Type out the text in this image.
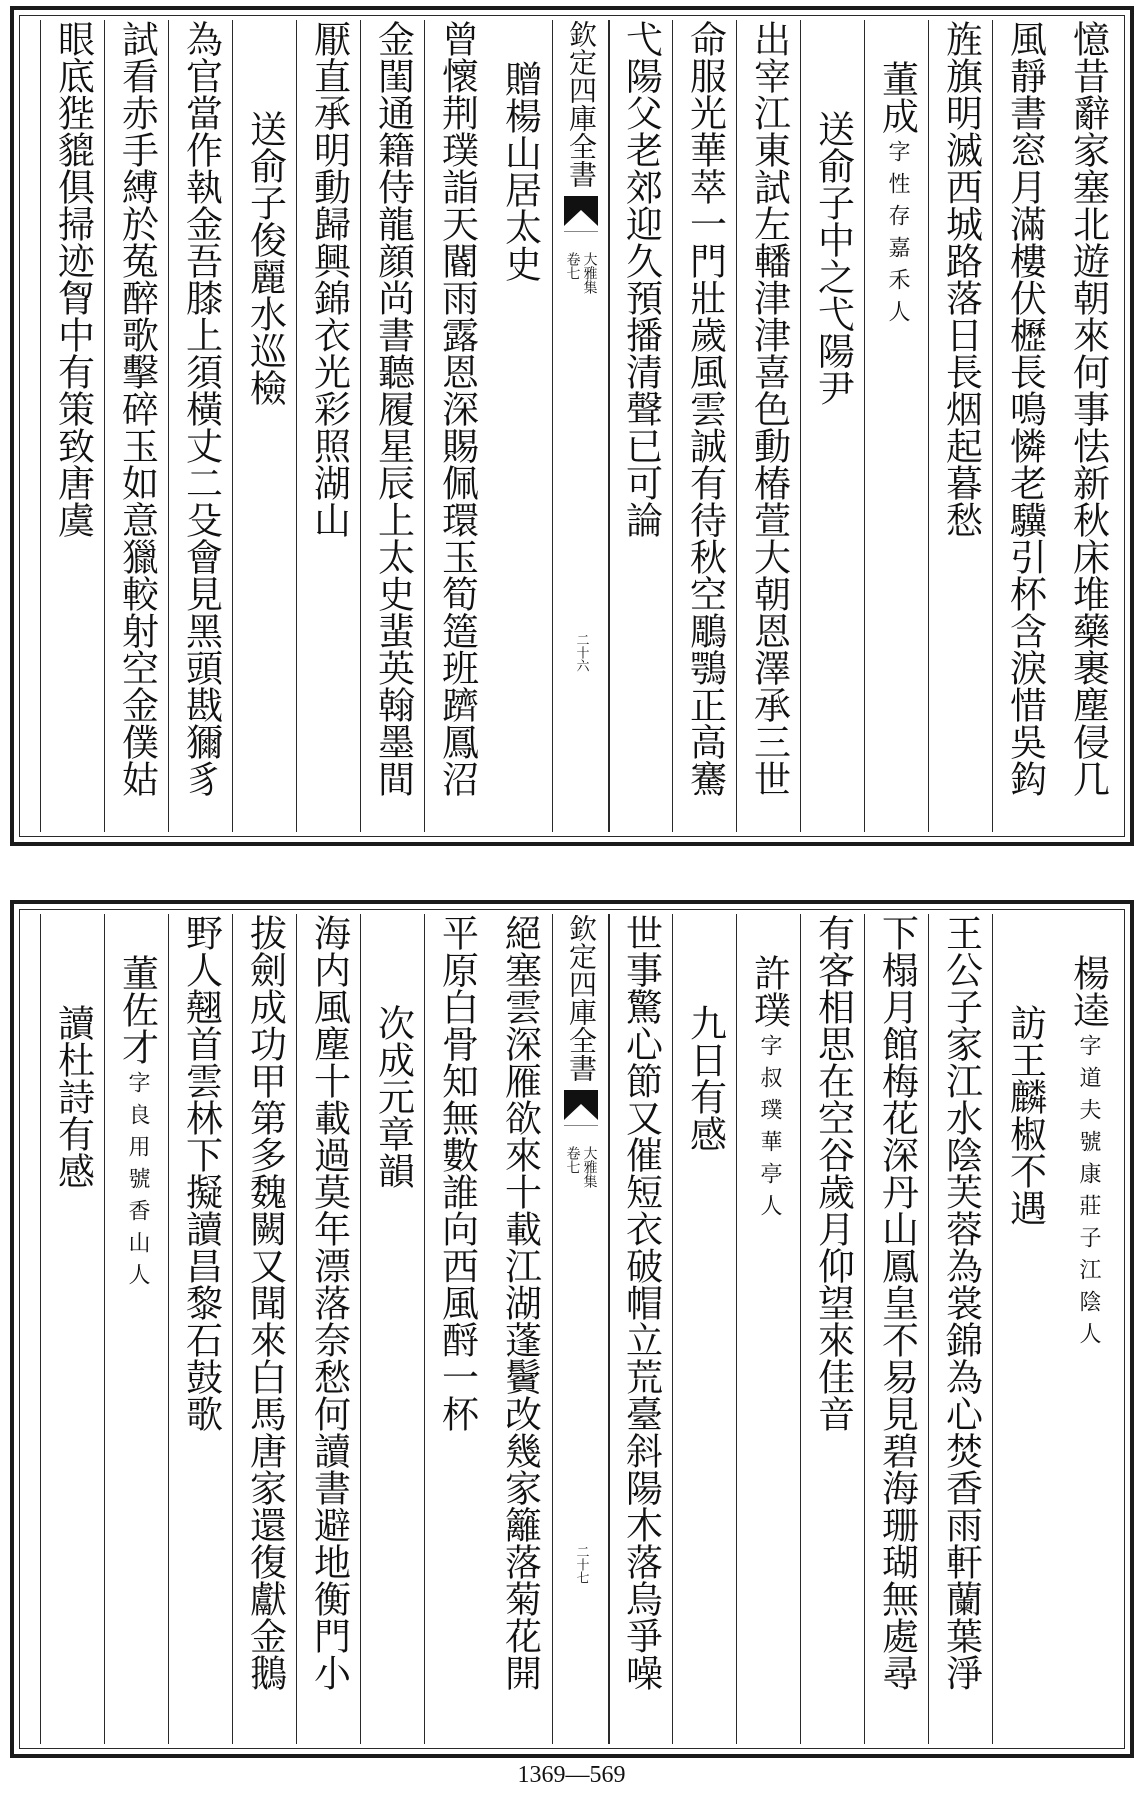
憶昔辭家塞北遊朝來何事怯新秋床堆藥裹塵侵几
風靜書窓月滿樓伏櫪長鳴憐老驥引杯含淚惜吳鈎
旌旗明滅西城路落日長烟起暮愁
董成
字性存嘉禾人
送俞子中之弋陽尹
出宰江東試左轓津津喜色動椿萱大朝恩澤承三世
命服光華萃一門壯歲風雲誠有待秋空鵰鶚正高騫
弋陽父老郊迎久預播清聲已可論
欽定四庫全書
大雅集
卷七
二十六
贈楊山居太史
曾懷荆璞詣天閽雨露恩深賜佩環玉筍簉班躋鳳沼
金閨通籍侍龍顔尚書聽履星辰上太史蜚英翰墨間
厭直承明動歸興錦衣光彩照湖山
送俞子俊麗水巡檢
為官當作執金吾膝上須橫丈二殳會見黑頭戡獮豸
試看赤手縛於菟醉歌擊碎玉如意獵較射空金僕姑
眼底狴貔俱掃迹胷中有策致唐虞
楊逵
字道夫號康莊子江陰人
訪王麟椒不遇
王公子家江水陰芙蓉為裳錦為心焚香雨軒蘭葉淨
下榻月館梅花深丹山鳳皇不易見碧海珊瑚無處尋
有客相思在空谷歲月仰望來佳音
許璞
字叔璞華亭人
九日有感
世事驚心節又催短衣破帽立荒臺斜陽木落烏爭噪
欽定四庫全書
大雅集
卷七
二十七
絕塞雲深雁欲來十載江湖蓬鬢改幾家籬落菊花開
平原白骨知無數誰向西風酹一杯
次成元章韻
海内風塵十載過莫年漂落奈愁何讀書避地衡門小
拔劍成功甲第多魏闕又聞來白馬唐家還復獻金鵝
野人翹首雲林下擬讀昌黎石鼓歌
董佐才
字良用號香山人
讀杜詩有感
1369—569
